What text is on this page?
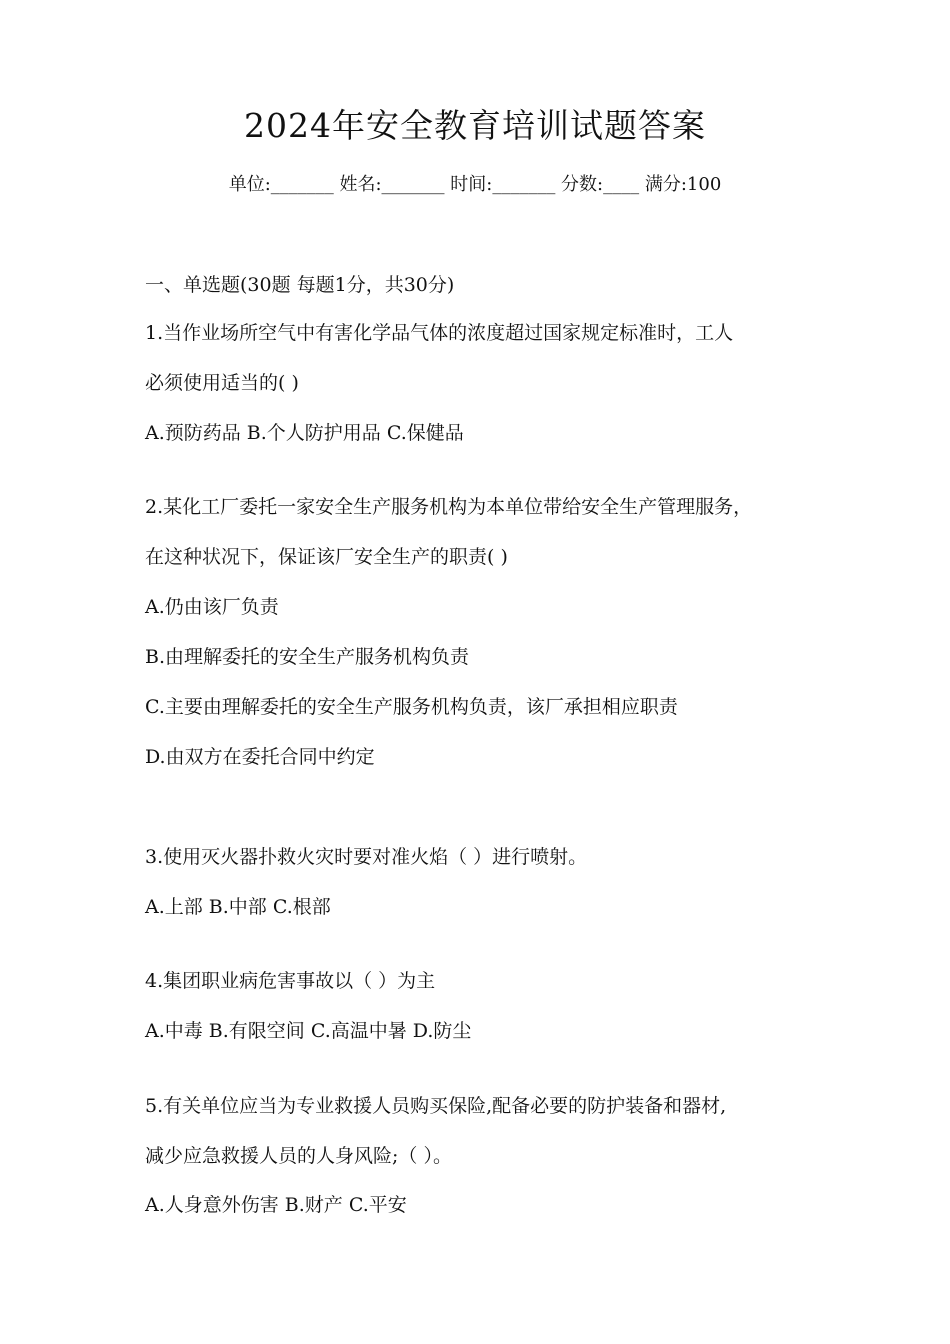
2024年安全教育培训试题答案
单位:_______ 姓名:_______ 时间:_______ 分数:____ 满分:100
一、单选题(30题 每题1分，共30分)
1.当作业场所空气中有害化学品气体的浓度超过国家规定标准时，工人
必须使用适当的( )
A.预防药品 B.个人防护用品 C.保健品
2.某化工厂委托一家安全生产服务机构为本单位带给安全生产管理服务，
在这种状况下，保证该厂安全生产的职责( )
A.仍由该厂负责
B.由理解委托的安全生产服务机构负责
C.主要由理解委托的安全生产服务机构负责，该厂承担相应职责
D.由双方在委托合同中约定
3.使用灭火器扑救火灾时要对准火焰（ ）进行喷射。
A.上部 B.中部 C.根部
4.集团职业病危害事故以（ ）为主
A.中毒 B.有限空间 C.高温中暑 D.防尘
5.有关单位应当为专业救援人员购买保险,配备必要的防护装备和器材,
减少应急救援人员的人身风险;（ ）。
A.人身意外伤害 B.财产 C.平安
